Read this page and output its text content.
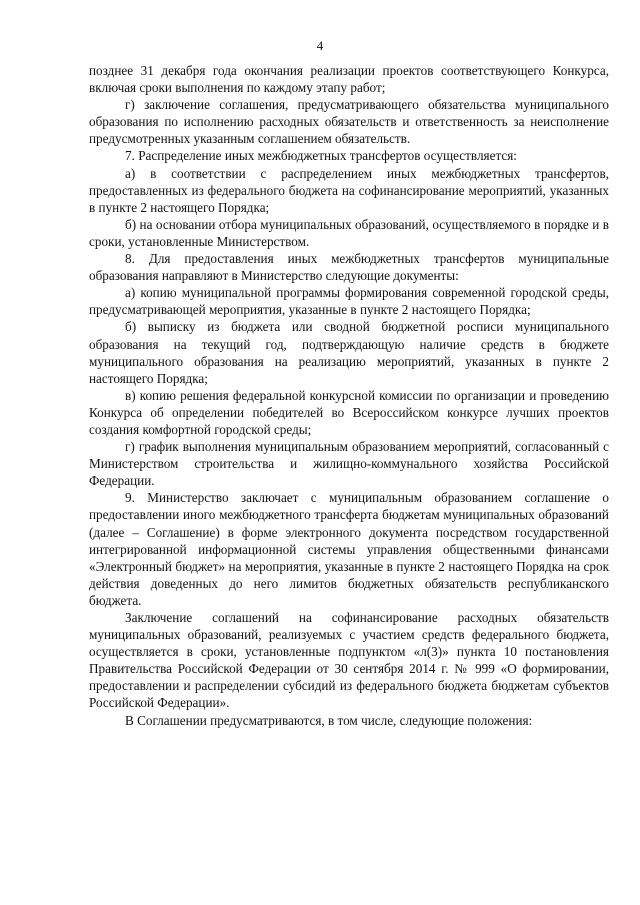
4

позднее 31 декабря года окончания реализации проектов соответствующего Конкурса, включая сроки выполнения по каждому этапу работ;

г) заключение соглашения, предусматривающего обязательства муниципального образования по исполнению расходных обязательств и ответственность за неисполнение предусмотренных указанным соглашением обязательств.

7. Распределение иных межбюджетных трансфертов осуществляется:

а) в соответствии с распределением иных межбюджетных трансфертов, предоставленных из федерального бюджета на софинансирование мероприятий, указанных в пункте 2 настоящего Порядка;

б) на основании отбора муниципальных образований, осуществляемого в порядке и в сроки, установленные Министерством.

8. Для предоставления иных межбюджетных трансфертов муниципальные образования направляют в Министерство следующие документы:

а) копию муниципальной программы формирования современной городской среды, предусматривающей мероприятия, указанные в пункте 2 настоящего Порядка;

б) выписку из бюджета или сводной бюджетной росписи муниципального образования на текущий год, подтверждающую наличие средств в бюджете муниципального образования на реализацию мероприятий, указанных в пункте 2 настоящего Порядка;

в) копию решения федеральной конкурсной комиссии по организации и проведению Конкурса об определении победителей во Всероссийском конкурсе лучших проектов создания комфортной городской среды;

г) график выполнения муниципальным образованием мероприятий, согласованный с Министерством строительства и жилищно-коммунального хозяйства Российской Федерации.

9. Министерство заключает с муниципальным образованием соглашение о предоставлении иного межбюджетного трансферта бюджетам муниципальных образований (далее – Соглашение) в форме электронного документа посредством государственной интегрированной информационной системы управления общественными финансами «Электронный бюджет» на мероприятия, указанные в пункте 2 настоящего Порядка на срок действия доведенных до него лимитов бюджетных обязательств республиканского бюджета.

Заключение соглашений на софинансирование расходных обязательств муниципальных образований, реализуемых с участием средств федерального бюджета, осуществляется в сроки, установленные подпунктом «л(3)» пункта 10 постановления Правительства Российской Федерации от 30 сентября 2014 г. № 999 «О формировании, предоставлении и распределении субсидий из федерального бюджета бюджетам субъектов Российской Федерации».

В Соглашении предусматриваются, в том числе, следующие положения:
